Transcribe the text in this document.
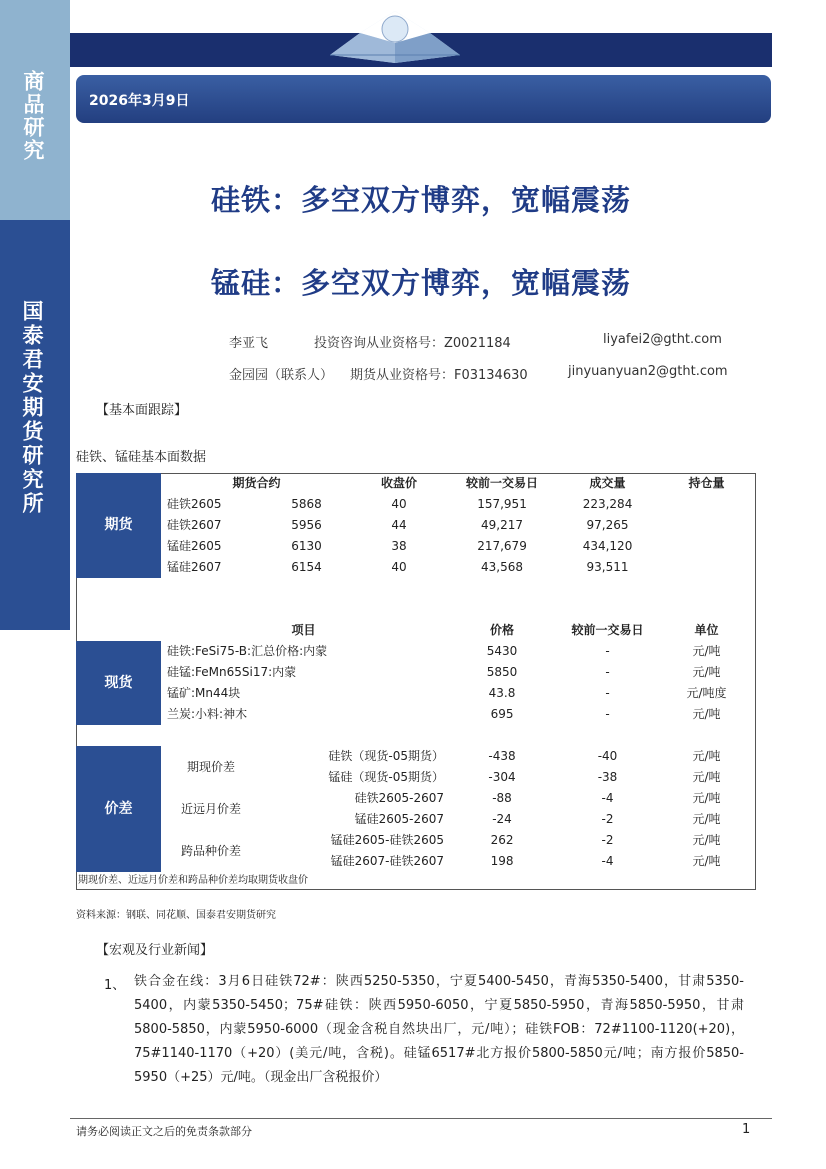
商品研究
国泰君安期货研究所
2026年3月9日
硅铁：多空双方博弈，宽幅震荡
锰硅：多空双方博弈，宽幅震荡
李亚飞	投资咨询从业资格号：Z0021184	liyafei2@gtht.com
金园园（联系人） 期货从业资格号：F03134630	jinyuanyuan2@gtht.com
【基本面跟踪】
硅铁、锰硅基本面数据
期货	期货合约		收盘价	较前一交易日	成交量	持仓量
	硅铁2605	5868	40	157,951	223,284	
	硅铁2607	5956	44	49,217	97,265	
	锰硅2605	6130	38	217,679	434,120	
	锰硅2607	6154	40	43,568	93,511	

	项目			价格	较前一交易日	单位
现货	硅铁:FeSi75-B:汇总价格:内蒙			5430	-	元/吨
	硅锰:FeMn65Si17:内蒙			5850	-	元/吨
	锰矿:Mn44块			43.8	-	元/吨度
	兰炭:小料:神木			695	-	元/吨

价差	期现价差	硅铁（现货-05期货）		-438	-40	元/吨
		锰硅（现货-05期货）		-304	-38	元/吨
	近远月价差	硅铁2605-2607		-88	-4	元/吨
		锰硅2605-2607		-24	-2	元/吨
	跨品种价差	锰硅2605-硅铁2605		262	-2	元/吨
		锰硅2607-硅铁2607		198	-4	元/吨
期现价差、近远月价差和跨品种价差均取期货收盘价						
资料来源：钢联、同花顺、国泰君安期货研究
【宏观及行业新闻】
1、 铁合金在线：3月6日硅铁72#：陕西5250-5350，宁夏5400-5450，青海5350-5400，甘肃5350-5400，内蒙5350-5450；75#硅铁：陕西5950-6050，宁夏5850-5950，青海5850-5950，甘肃5800-5850，内蒙5950-6000（现金含税自然块出厂，元/吨）；硅铁FOB：72#1100-1120(+20)，75#1140-1170（+20）(美元/吨，含税)。硅锰6517#北方报价5800-5850元/吨；南方报价5850-5950（+25）元/吨。（现金出厂含税报价）
请务必阅读正文之后的免责条款部分	1
